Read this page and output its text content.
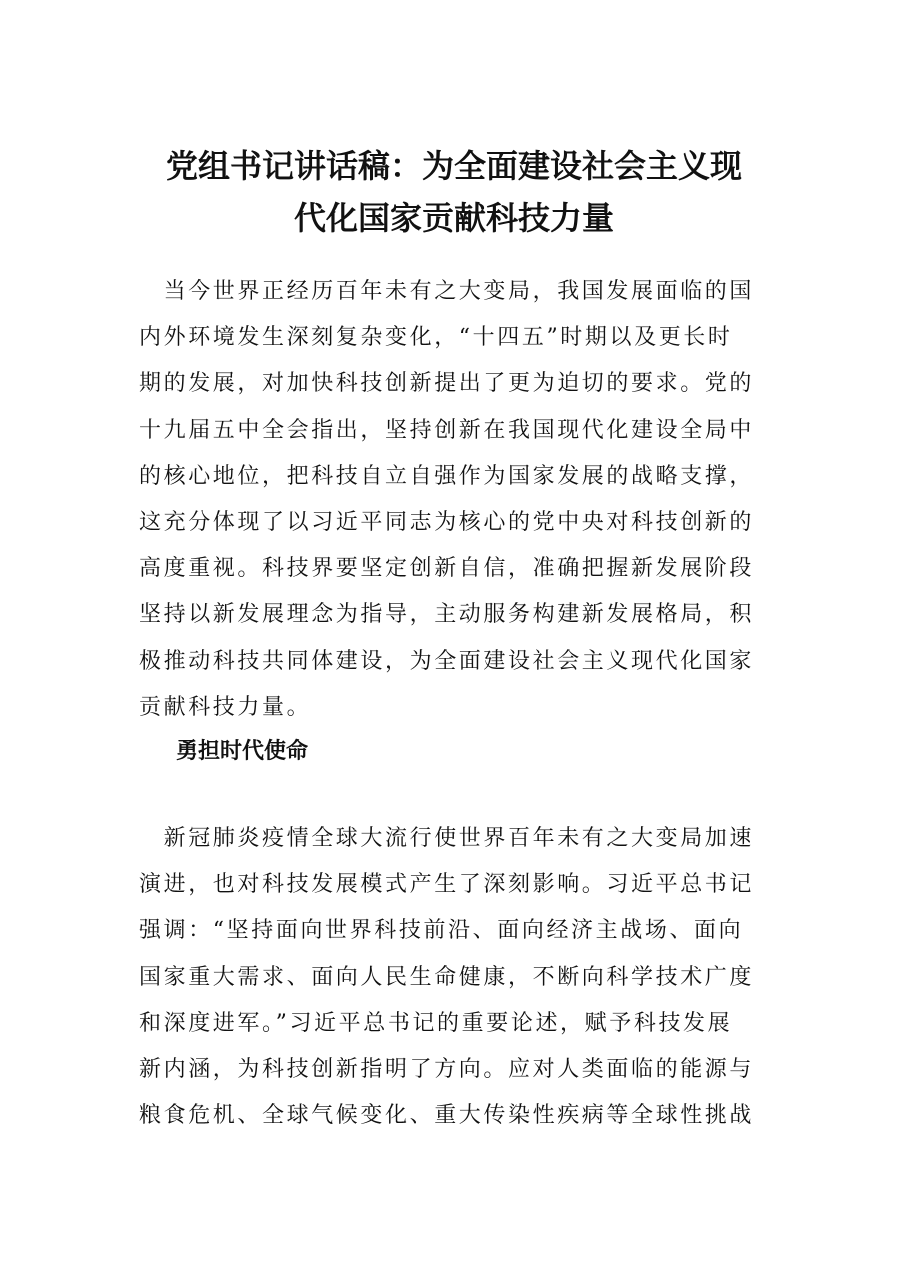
党组书记讲话稿：为全面建设社会主义现
代化国家贡献科技力量
　当今世界正经历百年未有之大变局，我国发展面临的国
内外环境发生深刻复杂变化，“十四五”时期以及更长时
期的发展，对加快科技创新提出了更为迫切的要求。党的
十九届五中全会指出，坚持创新在我国现代化建设全局中
的核心地位，把科技自立自强作为国家发展的战略支撑，
这充分体现了以习近平同志为核心的党中央对科技创新的
高度重视。科技界要坚定创新自信，准确把握新发展阶段
坚持以新发展理念为指导，主动服务构建新发展格局，积
极推动科技共同体建设，为全面建设社会主义现代化国家
贡献科技力量。
勇担时代使命
　新冠肺炎疫情全球大流行使世界百年未有之大变局加速
演进，也对科技发展模式产生了深刻影响。习近平总书记
强调：“坚持面向世界科技前沿、面向经济主战场、面向
国家重大需求、面向人民生命健康，不断向科学技术广度
和深度进军。”习近平总书记的重要论述，赋予科技发展
新内涵，为科技创新指明了方向。应对人类面临的能源与
粮食危机、全球气候变化、重大传染性疾病等全球性挑战
